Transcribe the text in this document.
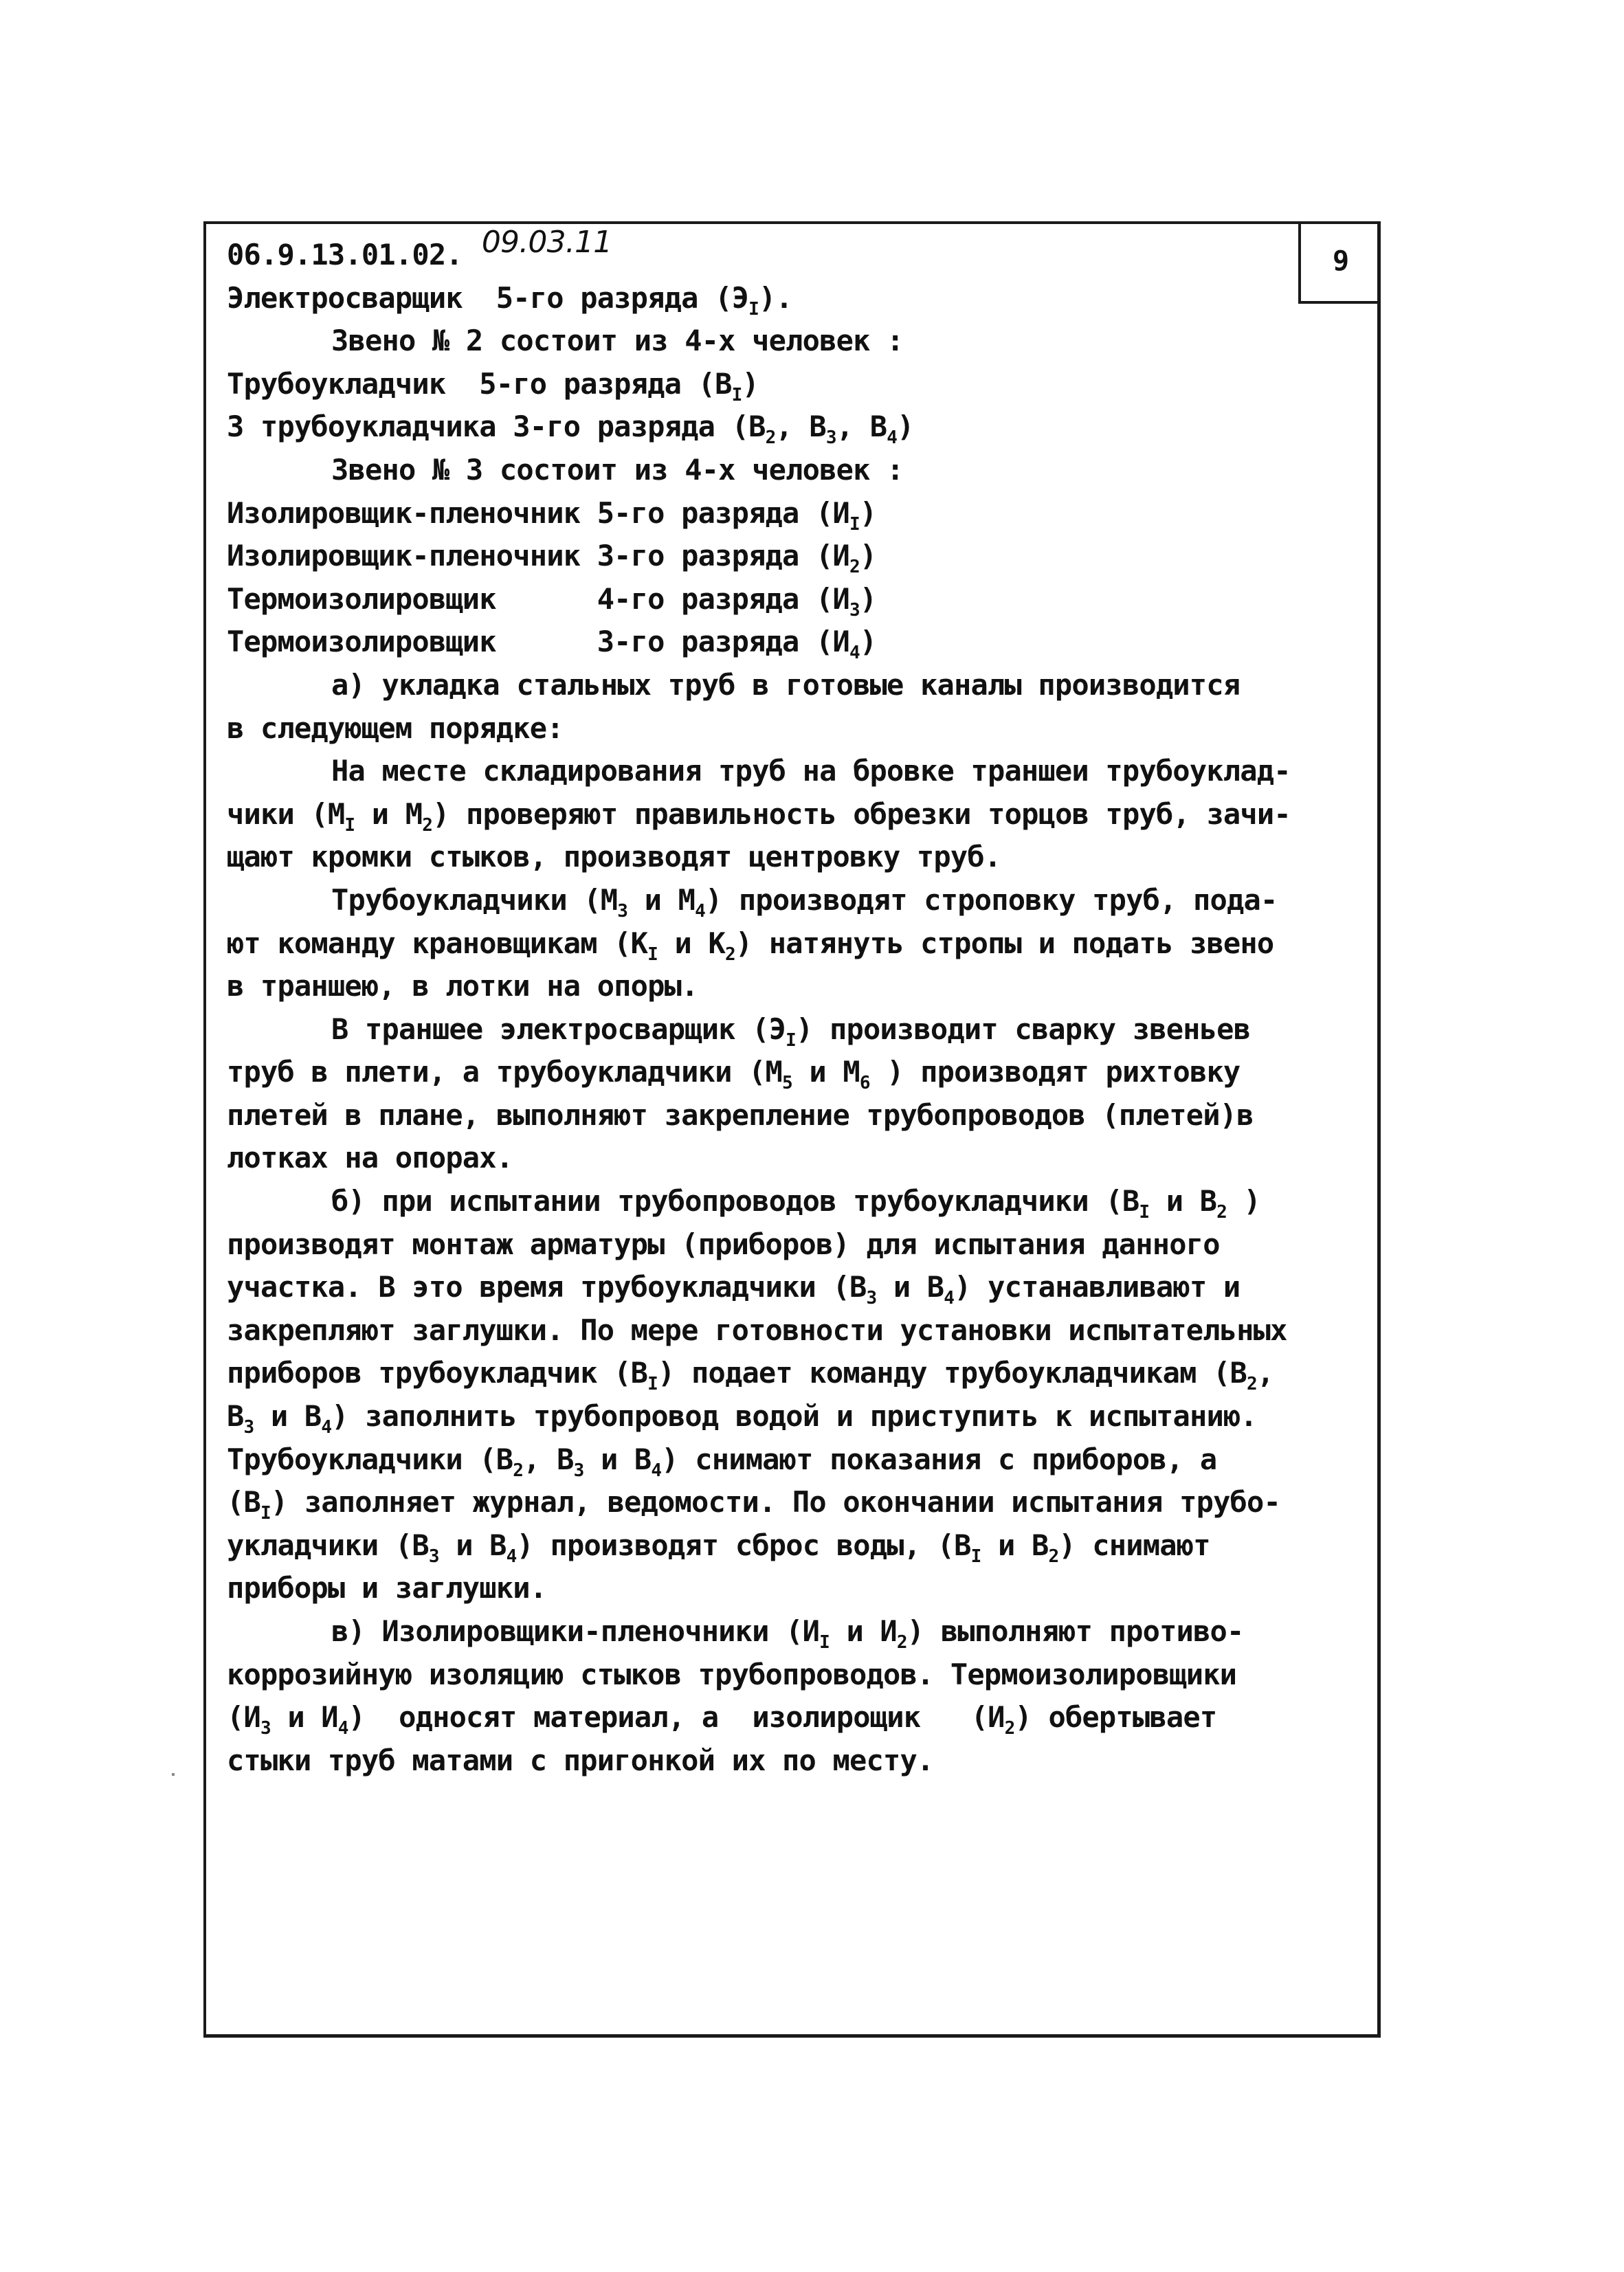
9
06.9.13.01.02. 09.03.11
Электросварщик  5-го разряда $(Э_I)$.
Звено № 2 состоит из 4-х человек :
Трубоукладчик  5-го разряда $(В_I)$
3 трубоукладчика 3-го разряда ($В_2$, $В_3$, $В_4$)
Звено № 3 состоит из 4-х человек :
Изолировщик-пленочник 5-го разряда $(И_I)$
Изолировщик-пленочник 3-го разряда $(И_2)$
Термоизолировщик      4-го разряда $(И_3)$
Термоизолировщик      3-го разряда $(И_4)$
а) укладка стальных труб в готовые каналы производится
в следующем порядке:
На месте складирования труб на бровке траншеи трубоуклад-
чики ($М_I$ и $М_2$) проверяют правильность обрезки торцов труб, зачи-
щают кромки стыков, производят центровку труб.
Трубоукладчики ($М_3$ и $М_4$) производят строповку труб, пода-
ют команду крановщикам ($К_I$ и $К_2$) натянуть стропы и подать звено
в траншею, в лотки на опоры.
В траншее электросварщик $(Э_I)$ производит сварку звеньев
труб в плети, а трубоукладчики ($М_5$ и $М_6$ ) производят рихтовку
плетей в плане, выполняют закрепление трубопроводов (плетей)в
лотках на опорах.
б) при испытании трубопроводов трубоукладчики ($В_I$ и $В_2$ )
производят монтаж арматуры (приборов) для испытания данного
участка. В это время трубоукладчики ($В_3$ и $В_4$) устанавливают и
закрепляют заглушки. По мере готовности установки испытательных
приборов трубоукладчик $(В_I)$ подает команду трубоукладчикам ($В_2$,
$В_3$ и $В_4$) заполнить трубопровод водой и приступить к испытанию.
Трубоукладчики ($В_2$, $В_3$ и $В_4$) снимают показания с приборов, а
$(В_I)$ заполняет журнал, ведомости. По окончании испытания трубо-
укладчики ($В_3$ и $В_4$) производят сброс воды, ($В_I$ и $В_2$) снимают
приборы и заглушки.
в) Изолировщики-пленочники ($И_I$ и $И_2$) выполняют противо-
коррозийную изоляцию стыков трубопроводов. Термоизолировщики
($И_3$ и $И_4$)  односят материал, а  изолирощик   $(И_2)$ обертывает
стыки труб матами с пригонкой их по месту.
